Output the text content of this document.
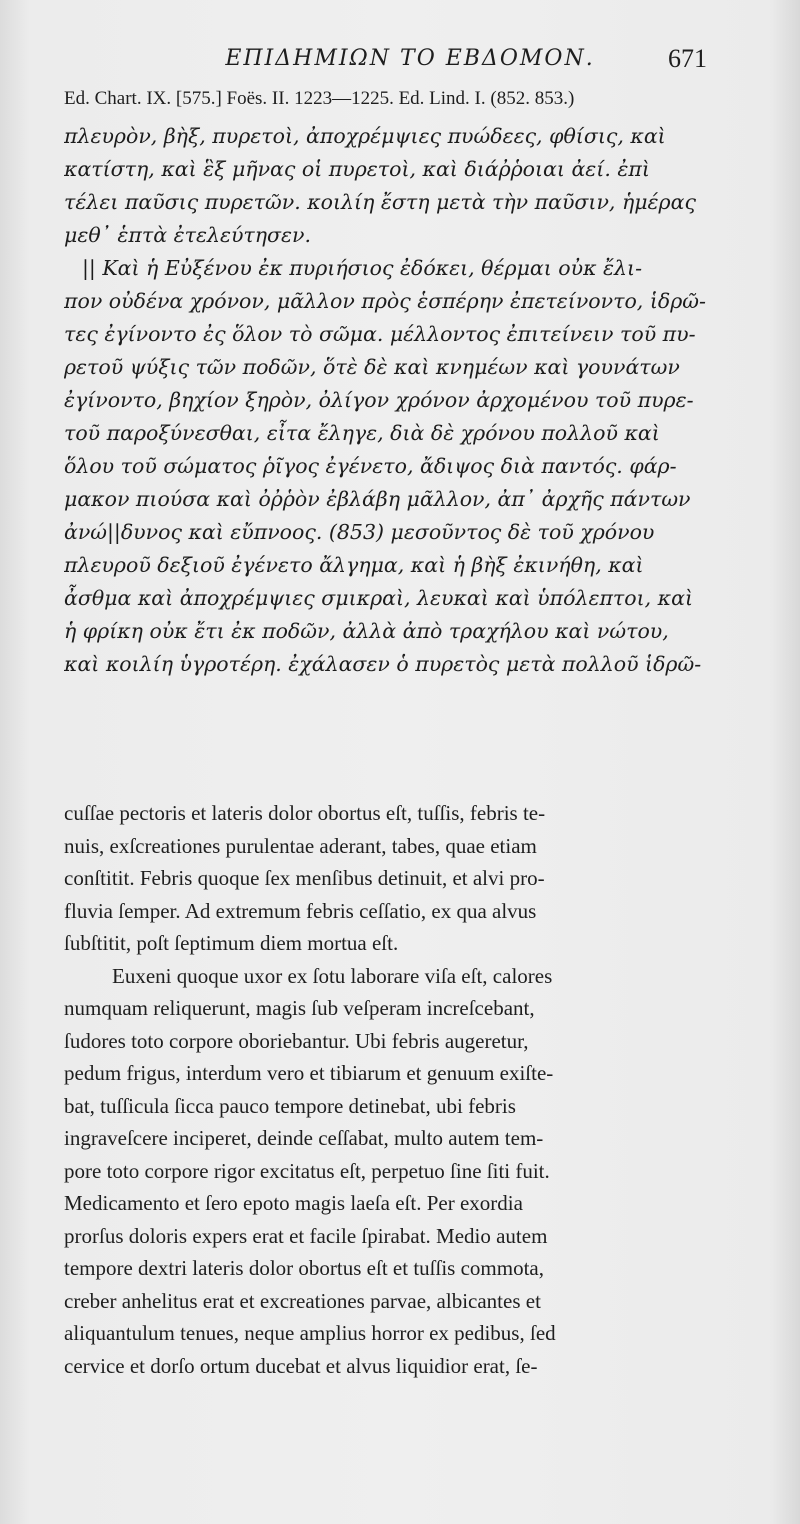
ΕΠΙΔΗΜΙΩΝ ΤΟ ΕΒΔΟΜΟΝ.	671
Ed. Chart. IX. [575.] Foës. II. 1223—1225. Ed. Lind. I. (852. 853.)
πλευρὸν, βὴξ, πυρετοὶ, ἀποχρέμψιες πυώδεες, φθίσις, καὶ
κατίστη, καὶ ἓξ μῆνας οἱ πυρετοὶ, καὶ διάῤῥοιαι ἀεί. ἐπὶ
τέλει παῦσις πυρετῶν. κοιλίη ἔστη μετὰ τὴν παῦσιν, ἡμέρας
μεθ᾽ ἑπτὰ ἐτελεύτησεν.
|| Καὶ ἡ Εὐξένου ἐκ πυριήσιος ἐδόκει, θέρμαι οὐκ ἔλι-
πον οὐδένα χρόνον, μᾶλλον πρὸς ἑσπέρην ἐπετείνοντο, ἱδρῶ-
τες ἐγίνοντο ἐς ὅλον τὸ σῶμα. μέλλοντος ἐπιτείνειν τοῦ πυ-
ρετοῦ ψύξις τῶν ποδῶν, ὅτὲ δὲ καὶ κνημέων καὶ γουνάτων
ἐγίνοντο, βηχίον ξηρὸν, ὀλίγον χρόνον ἀρχομένου τοῦ πυρε-
τοῦ παροξύνεσθαι, εἶτα ἔληγε, διὰ δὲ χρόνου πολλοῦ καὶ
ὅλου τοῦ σώματος ῥῖγος ἐγένετο, ἄδιψος διὰ παντός. φάρ-
μακον πιούσα καὶ ὀῤῥὸν ἐβλάβη μᾶλλον, ἀπ᾽ ἀρχῆς πάντων
ἀνώ||δυνος καὶ εὔπνοος. (853) μεσοῦντος δὲ τοῦ χρόνου
πλευροῦ δεξιοῦ ἐγένετο ἄλγημα, καὶ ἡ βὴξ ἐκινήθη, καὶ
ἆσθμα καὶ ἀποχρέμψιες σμικραὶ, λευκαὶ καὶ ὑπόλεπτοι, καὶ
ἡ φρίκη οὐκ ἔτι ἐκ ποδῶν, ἀλλὰ ἀπὸ τραχήλου καὶ νώτου,
καὶ κοιλίη ὑγροτέρη. ἐχάλασεν ὁ πυρετὸς μετὰ πολλοῦ ἱδρῶ-
cuſſae pectoris et lateris dolor obortus eſt, tuſſis, febris te-
nuis, exſcreationes purulentae aderant, tabes, quae etiam
conſtitit. Febris quoque ſex menſibus detinuit, et alvi pro-
fluvia ſemper. Ad extremum febris ceſſatio, ex qua alvus
ſubſtitit, poſt ſeptimum diem mortua eſt.
Euxeni quoque uxor ex ſotu laborare viſa eſt, calores
numquam reliquerunt, magis ſub veſperam increſcebant,
ſudores toto corpore oboriebantur. Ubi febris augeretur,
pedum frigus, interdum vero et tibiarum et genuum exiſte-
bat, tuſſicula ſicca pauco tempore detinebat, ubi febris
ingraveſcere inciperet, deinde ceſſabat, multo autem tem-
pore toto corpore rigor excitatus eſt, perpetuo ſine ſiti fuit.
Medicamento et ſero epoto magis laeſa eſt. Per exordia
prorſus doloris expers erat et facile ſpirabat. Medio autem
tempore dextri lateris dolor obortus eſt et tuſſis commota,
creber anhelitus erat et excreationes parvae, albicantes et
aliquantulum tenues, neque amplius horror ex pedibus, ſed
cervice et dorſo ortum ducebat et alvus liquidior erat, ſe-
